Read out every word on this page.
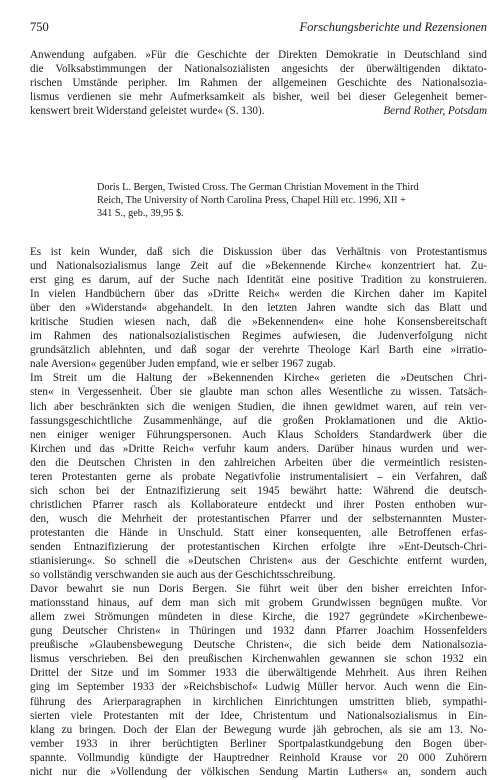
750	Forschungsberichte und Rezensionen
Anwendung aufgaben. »Für die Geschichte der Direkten Demokratie in Deutschland sind
die Volksabstimmungen der Nationalsozialisten angesichts der überwältigenden diktato-
rischen Umstände peripher. Im Rahmen der allgemeinen Geschichte des Nationalsozia-
lismus verdienen sie mehr Aufmerksamkeit als bisher, weil bei dieser Gelegenheit bemer-
kenswert breit Widerstand geleistet wurde« (S. 130).	Bernd Rother, Potsdam
Doris L. Bergen, Twisted Cross. The German Christian Movement in the Third
Reich, The University of North Carolina Press, Chapel Hill etc. 1996, XII +
341 S., geb., 39,95 $.
Es ist kein Wunder, daß sich die Diskussion über das Verhältnis von Protestantismus
und Nationalsozialismus lange Zeit auf die »Bekennende Kirche« konzentriert hat. Zu-
erst ging es darum, auf der Suche nach Identität eine positive Tradition zu konstruieren.
In vielen Handbüchern über das »Dritte Reich« werden die Kirchen daher im Kapitel
über den »Widerstand« abgehandelt. In den letzten Jahren wandte sich das Blatt und
kritische Studien wiesen nach, daß die »Bekennenden« eine hohe Konsensbereitschaft
im Rahmen des nationalsozialistischen Regimes aufwiesen, die Judenverfolgung nicht
grundsätzlich ablehnten, und daß sogar der verehrte Theologe Karl Barth eine »irratio-
nale Aversion« gegenüber Juden empfand, wie er selber 1967 zugab.
Im Streit um die Haltung der »Bekennenden Kirche« gerieten die »Deutschen Chri-
sten« in Vergessenheit. Über sie glaubte man schon alles Wesentliche zu wissen. Tatsäch-
lich aber beschränkten sich die wenigen Studien, die ihnen gewidmet waren, auf rein ver-
fassungsgeschichtliche Zusammenhänge, auf die großen Proklamationen und die Aktio-
nen einiger weniger Führungspersonen. Auch Klaus Scholders Standardwerk über die
Kirchen und das »Dritte Reich« verfuhr kaum anders. Darüber hinaus wurden und wer-
den die Deutschen Christen in den zahlreichen Arbeiten über die vermeintlich resisten-
teren Protestanten gerne als probate Negativfolie instrumentalisiert – ein Verfahren, daß
sich schon bei der Entnazifizierung seit 1945 bewährt hatte: Während die deutsch-
christlichen Pfarrer rasch als Kollaborateure entdeckt und ihrer Posten enthoben wur-
den, wusch die Mehrheit der protestantischen Pfarrer und der selbsternannten Muster-
protestanten die Hände in Unschuld. Statt einer konsequenten, alle Betroffenen erfas-
senden Entnazifizierung der protestantischen Kirchen erfolgte ihre »Ent-Deutsch-Chri-
stianisierung«. So schnell die »Deutschen Christen« aus der Geschichte entfernt wurden,
so vollständig verschwanden sie auch aus der Geschichtsschreibung.
Davor bewahrt sie nun Doris Bergen. Sie führt weit über den bisher erreichten Infor-
mationsstand hinaus, auf dem man sich mit grobem Grundwissen begnügen mußte. Vor
allem zwei Strömungen mündeten in diese Kirche, die 1927 gegründete »Kirchenbewe-
gung Deutscher Christen« in Thüringen und 1932 dann Pfarrer Joachim Hossenfelders
preußische »Glaubensbewegung Deutsche Christen«, die sich beide dem Nationalsozia-
lismus verschrieben. Bei den preußischen Kirchenwahlen gewannen sie schon 1932 ein
Drittel der Sitze und im Sommer 1933 die überwältigende Mehrheit. Aus ihren Reihen
ging im September 1933 der »Reichsbischof« Ludwig Müller hervor. Auch wenn die Ein-
führung des Arierparagraphen in kirchlichen Einrichtungen umstritten blieb, sympathi-
sierten viele Protestanten mit der Idee, Christentum und Nationalsozialismus in Ein-
klang zu bringen. Doch der Elan der Bewegung wurde jäh gebrochen, als sie am 13. No-
vember 1933 in ihrer berüchtigten Berliner Sportpalastkundgebung den Bogen über-
spannte. Vollmundig kündigte der Hauptredner Reinhold Krause vor 20 000 Zuhörern
nicht nur die »Vollendung der völkischen Sendung Martin Luthers« an, sondern auch
